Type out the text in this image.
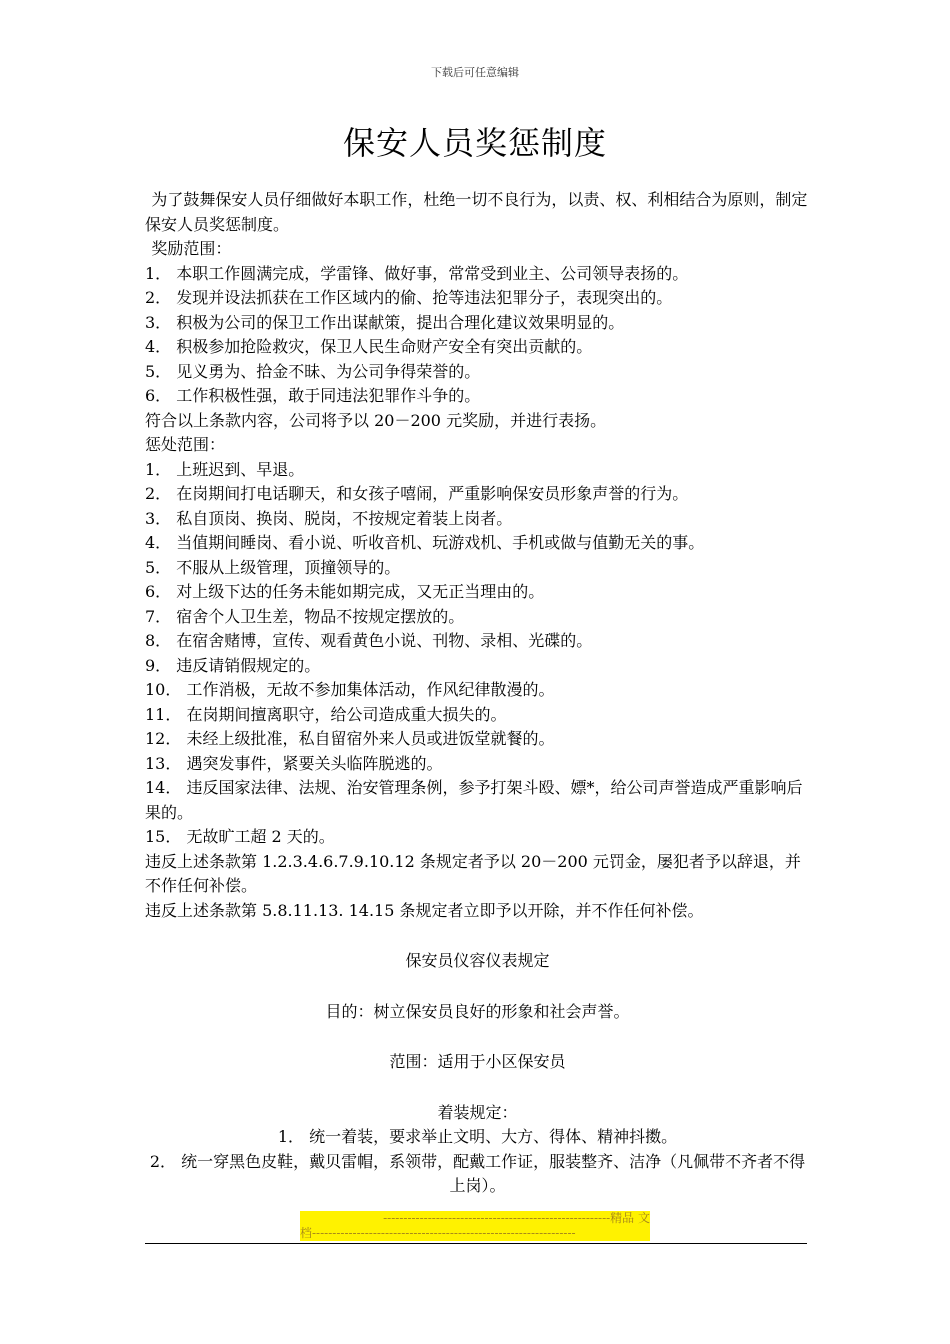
下载后可任意编辑
保安人员奖惩制度

为了鼓舞保安人员仔细做好本职工作，杜绝一切不良行为，以责、权、利相结合为原则，制定保安人员奖惩制度。

奖励范围：

1． 本职工作圆满完成，学雷锋、做好事，常常受到业主、公司领导表扬的。

2． 发现并设法抓获在工作区域内的偷、抢等违法犯罪分子，表现突出的。

3． 积极为公司的保卫工作出谋献策，提出合理化建议效果明显的。

4． 积极参加抢险救灾，保卫人民生命财产安全有突出贡献的。

5． 见义勇为、拾金不昧、为公司争得荣誉的。

6． 工作积极性强，敢于同违法犯罪作斗争的。

符合以上条款内容，公司将予以 20－200 元奖励，并进行表扬。

惩处范围：

1． 上班迟到、早退。

2． 在岗期间打电话聊天，和女孩子嘻闹，严重影响保安员形象声誉的行为。

3． 私自顶岗、换岗、脱岗，不按规定着装上岗者。

4． 当值期间睡岗、看小说、听收音机、玩游戏机、手机或做与值勤无关的事。

5． 不服从上级管理，顶撞领导的。

6． 对上级下达的任务未能如期完成，又无正当理由的。

7． 宿舍个人卫生差，物品不按规定摆放的。

8． 在宿舍赌博，宣传、观看黄色小说、刊物、录相、光碟的。

9． 违反请销假规定的。

10． 工作消极，无故不参加集体活动，作风纪律散漫的。

11． 在岗期间擅离职守，给公司造成重大损失的。

12． 未经上级批准，私自留宿外来人员或进饭堂就餐的。

13． 遇突发事件，紧要关头临阵脱逃的。

14． 违反国家法律、法规、治安管理条例，参予打架斗殴、嫖*，给公司声誉造成严重影响后果的。

15． 无故旷工超 2 天的。

违反上述条款第 1.2.3.4.6.7.9.10.12 条规定者予以 20－200 元罚金，屡犯者予以辞退，并不作任何补偿。

违反上述条款第 5.8.11.13. 14.15 条规定者立即予以开除，并不作任何补偿。

保安员仪容仪表规定

目的：树立保安员良好的形象和社会声誉。

范围：适用于小区保安员

着装规定：

1． 统一着装，要求举止文明、大方、得体、精神抖擞。

2． 统一穿黑色皮鞋，戴贝雷帽，系领带，配戴工作证，服装整齐、洁净（凡佩带不齐者不得上岗）。

--------------------------------------------------------精品 文
档-----------------------------------------------------------------
